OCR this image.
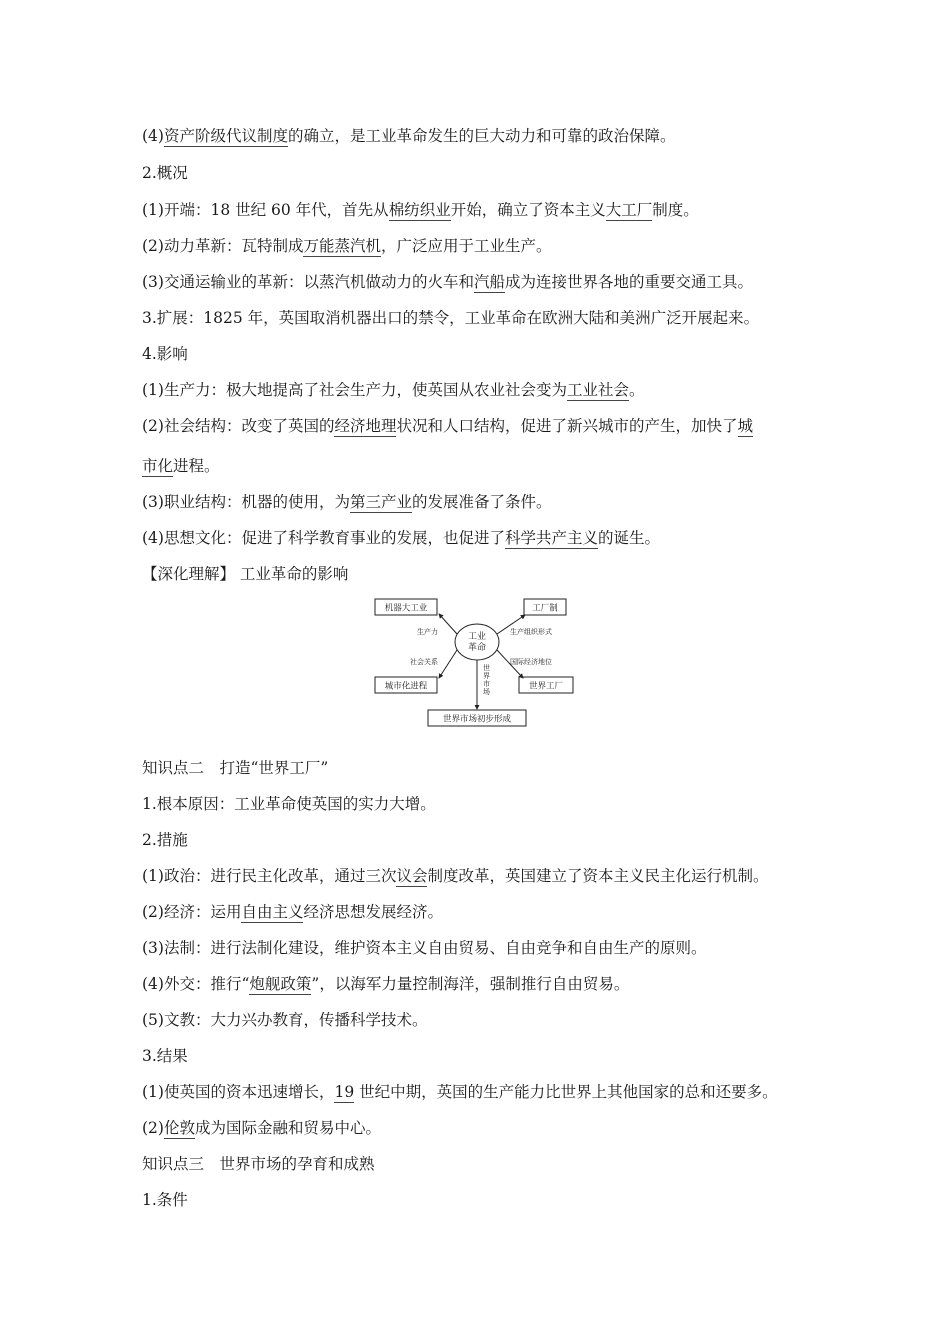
(4)资产阶级代议制度的确立，是工业革命发生的巨大动力和可靠的政治保障。
2.概况
(1)开端：18 世纪 60 年代，首先从棉纺织业开始，确立了资本主义大工厂制度。
(2)动力革新：瓦特制成万能蒸汽机，广泛应用于工业生产。
(3)交通运输业的革新：以蒸汽机做动力的火车和汽船成为连接世界各地的重要交通工具。
3.扩展：1825 年，英国取消机器出口的禁令，工业革命在欧洲大陆和美洲广泛开展起来。
4.影响
(1)生产力：极大地提高了社会生产力，使英国从农业社会变为工业社会。
(2)社会结构：改变了英国的经济地理状况和人口结构，促进了新兴城市的产生，加快了城
市化进程。
(3)职业结构：机器的使用，为第三产业的发展准备了条件。
(4)思想文化：促进了科学教育事业的发展，也促进了科学共产主义的诞生。
【深化理解】 工业革命的影响
工业
革命
机器大工业	工厂制
城市化进程	世界工厂
世界市场初步形成
生产力
社会关系
生产组织形式
国际经济地位
世
界
市
场
知识点二　打造“世界工厂”
1.根本原因：工业革命使英国的实力大增。
2.措施
(1)政治：进行民主化改革，通过三次议会制度改革，英国建立了资本主义民主化运行机制。
(2)经济：运用自由主义经济思想发展经济。
(3)法制：进行法制化建设，维护资本主义自由贸易、自由竞争和自由生产的原则。
(4)外交：推行“炮舰政策”，以海军力量控制海洋，强制推行自由贸易。
(5)文教：大力兴办教育，传播科学技术。
3.结果
(1)使英国的资本迅速增长，19 世纪中期，英国的生产能力比世界上其他国家的总和还要多。
(2)伦敦成为国际金融和贸易中心。
知识点三　世界市场的孕育和成熟
1.条件
